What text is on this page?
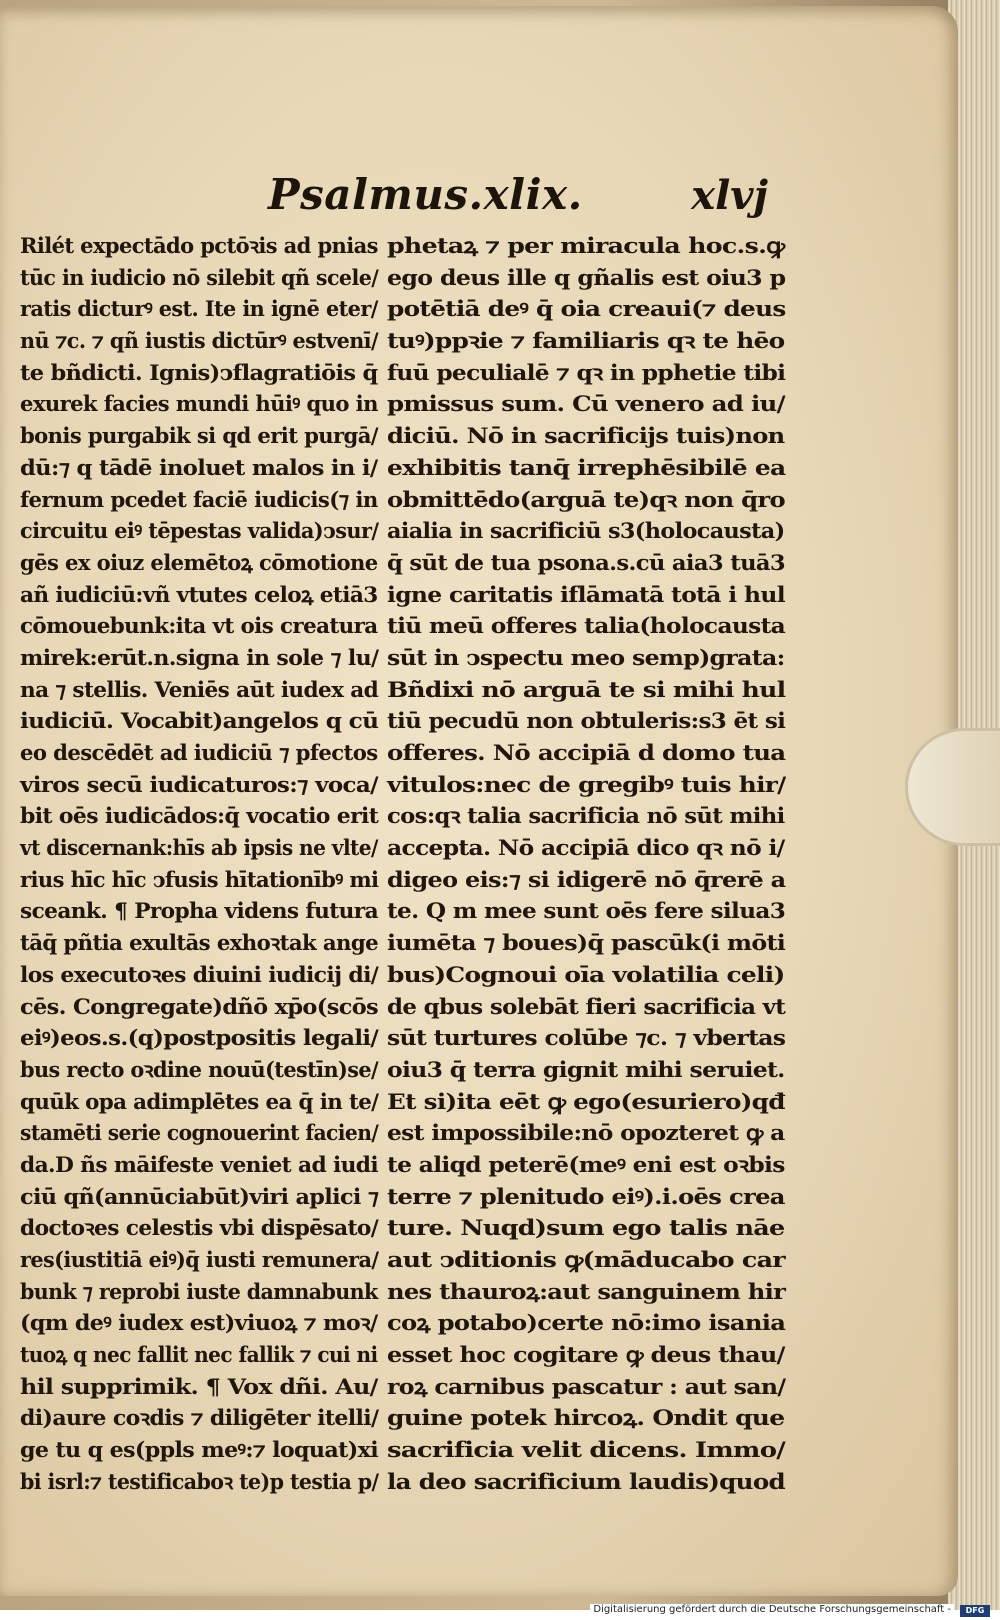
Psalmus.xlix.	xlvj
Rilét expectādo pctōꝛis ad pnias
tūc in iudicio nō silebit qñ scele/
ratis dicturꝰ est. Ite in ignē eter/
nū ⁊c. ⁊ qñ iustis dictūrꝰ estvenī/
te bñdicti. Ignis)ↄflagratiōis q̄
exurek facies mundi hūiꝰ quo in
bonis purgabik si qd erit purgā/
dū:⁊ q tādē inoluet malos in i/
fernum pcedet faciē iudicis(⁊ in
circuitu eiꝰ tēpestas valida)ↄsur/
gēs ex oiuz elemētoꝝ cōmotione
añ iudiciū:vñ vtutes celoꝝ etiā3
cōmouebunk:ita vt ois creatura
mirek:erūt.n.signa in sole ⁊ lu/
na ⁊ stellis. Veniēs aūt iudex ad
iudiciū. Vocabit)angelos q cū
eo descēdēt ad iudiciū ⁊ pfectos
viros secū iudicaturos:⁊ voca/
bit oēs iudicādos:q̄ vocatio erit
vt discernank:hīs ab ipsis ne vlte/
rius hīc hīc ↄfusis hītationībꝰ mi
sceank. ¶ Propha videns futura
tāq̄ pñtia exultās exhoꝛtak ange
los executoꝛes diuini iudicij di/
cēs. Congregate)dñō xp̄o(scōs
eiꝰ)eos.s.(q)postpositis legali/
bus recto oꝛdine nouū(testīn)se/
quūk opa adimplētes ea q̄ in te/
stamēti serie cognouerint facien/
da.D ñs māifeste veniet ad iudi
ciū qñ(annūciabūt)viri aplici ⁊
doctoꝛes celestis vbi dispēsato/
res(iustitiā eiꝰ)q̄ iusti remunera/
bunk ⁊ reprobi iuste damnabunk
(qm deꝰ iudex est)viuoꝝ ⁊ moꝛ/
tuoꝝ q nec fallit nec fallik ⁊ cui ni
hil supprimik. ¶ Vox dñi. Au/
di)aure coꝛdis ⁊ diligēter itelli/
ge tu q es(ppls meꝰ:⁊ loquat)xi
bi isrl:⁊ testificaboꝛ te)p testia p/
phetaꝝ ⁊ per miracula hoc.s.ꝙ
ego deus ille q gñalis est oiu3 p
potētiā deꝰ q̄ oia creaui(⁊ deus
tuꝰ)ppꝛie ⁊ familiaris qꝛ te hēo
fuū peculialē ⁊ qꝛ in pphetie tibi
pmissus sum. Cū venero ad iu/
diciū. Nō in sacrificijs tuis)non
exhibitis tanq̄ irrephēsibilē ea
obmittēdo(arguā te)qꝛ non q̄ro
aialia in sacrificiū s3(holocausta)
q̄ sūt de tua psona.s.cū aia3 tuā3
igne caritatis iflāmatā totā i hul
tiū meū offeres talia(holocausta
sūt in ↄspectu meo semp)grata:
Bñdixi nō arguā te si mihi hul
tiū pecudū non obtuleris:s3 ēt si
offeres. Nō accipiā d domo tua
vitulos:nec de gregibꝰ tuis hir/
cos:qꝛ talia sacrificia nō sūt mihi
accepta. Nō accipiā dico qꝛ nō i/
digeo eis:⁊ si idigerē nō q̄rerē a
te. Q m mee sunt oēs fere silua3
iumēta ⁊ boues)q̄ pascūk(i mōti
bus)Cognoui oīa volatilia celi)
de qbus solebāt fieri sacrificia vt
sūt turtures colūbe ⁊c. ⁊ vbertas
oiu3 q̄ terra gignit mihi seruiet.
Et si)ita eēt ꝙ ego(esuriero)qđ
est impossibile:nō opozteret ꝙ a
te aliqd peterē(meꝰ eni est oꝛbis
terre ⁊ plenitudo eiꝰ).i.oēs crea
ture. Nuqd)sum ego talis nāe
aut ↄditionis ꝙ(māducabo car
nes thauroꝝ:aut sanguinem hir
coꝝ potabo)certe nō:imo isania
esset hoc cogitare ꝙ deus thau/
roꝝ carnibus pascatur : aut san/
guine potek hircoꝝ. Ondit que
sacrificia velit dicens. Immo/
la deo sacrificium laudis)quod
Digitalisierung gefördert durch die Deutsche Forschungsgemeinschaft -	DFG
